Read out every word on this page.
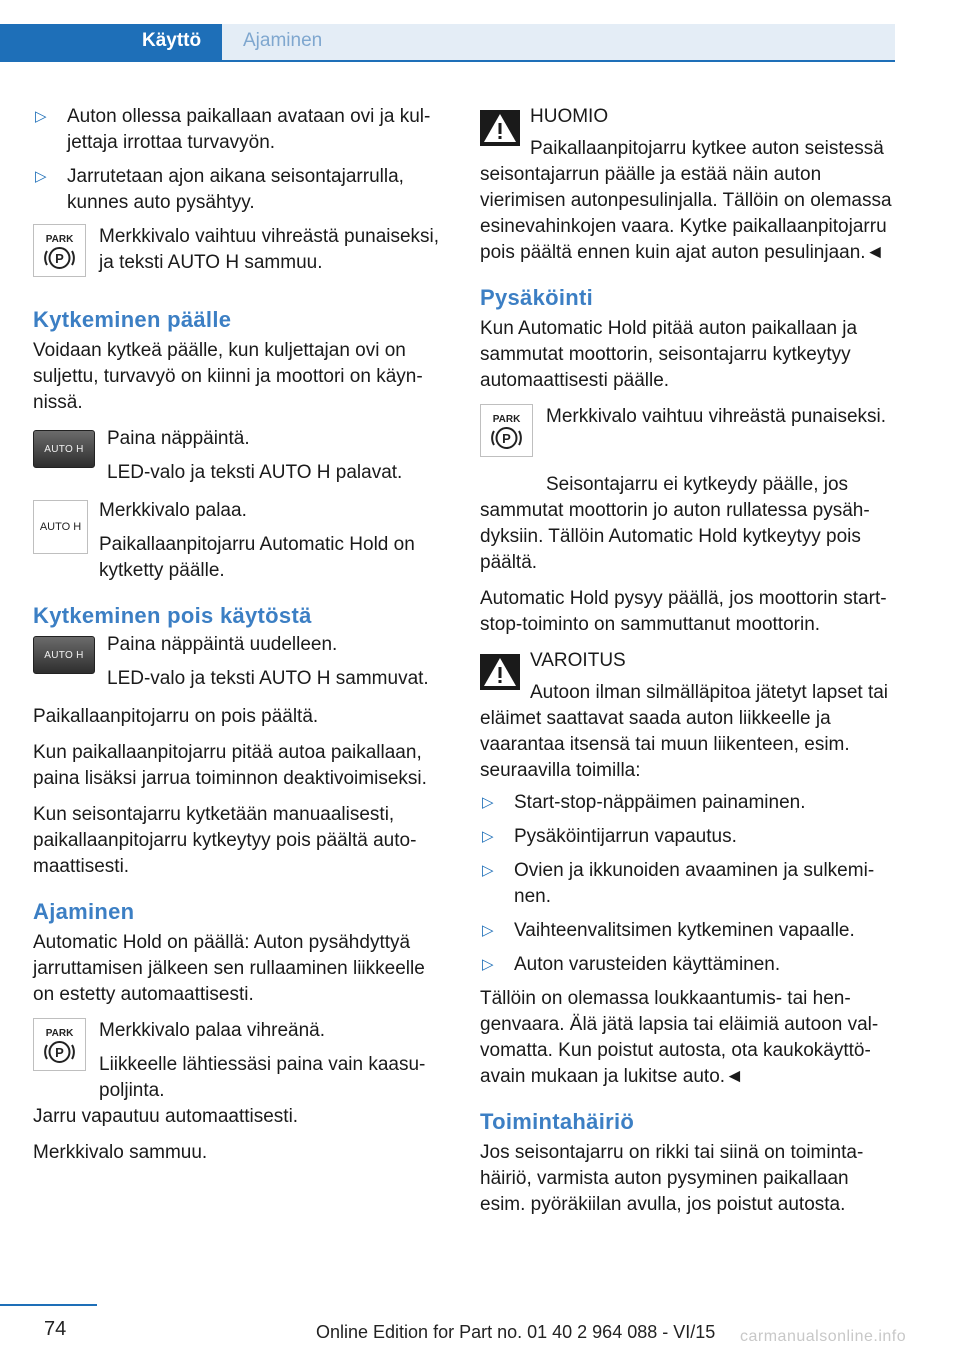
Käyttö	Ajaminen
▷ Auton ollessa paikallaan avataan ovi ja kuljettaja irrottaa turvavyön.
▷ Jarrutetaan ajon aikana seisontajarrulla, kunnes auto pysähtyy.
PARK
P

Merkkivalo vaihtuu vihreästä punaiseksi, ja teksti AUTO H sammuu.

Kytkeminen päälle

Voidaan kytkeä päälle, kun kuljettajan ovi on suljettu, turvavyö on kiinni ja moottori on käynnissä.

AUTO H Paina näppäintä.

LED-valo ja teksti AUTO H palavat.

AUTO H

Merkkivalo palaa.

Paikallaanpitojarru Automatic Hold on kytketty päälle.

Kytkeminen pois käytöstä
AUTO H Paina näppäintä uudelleen.

LED-valo ja teksti AUTO H sammuvat.

Paikallaanpitojarru on pois päältä.

Kun paikallaanpitojarru pitää autoa paikallaan, paina lisäksi jarrua toiminnon deaktivoimiseksi.

Kun seisontajarru kytketään manuaalisesti, paikallaanpitojarru kytkeytyy pois päältä automaattisesti.

Ajaminen

Automatic Hold on päällä: Auton pysähdyttyä jarruttamisen jälkeen sen rullaaminen liikkeelle on estetty automaattisesti.

PARK
P

Merkkivalo palaa vihreänä.

Liikkeelle lähtiessäsi paina vain kaasupoljinta.

Jarru vapautuu automaattisesti.

Merkkivalo sammuu.

HUOMIO

Paikallaanpitojarru kytkee auton seistessä seisontajarrun päälle ja estää näin auton vierimisen autonpesulinjalla. Tällöin on olemassa esinevahinkojen vaara. Kytke paikallaanpitojarru pois päältä ennen kuin ajat auton pesulinjaan.◄

Pysäköinti

Kun Automatic Hold pitää auton paikallaan ja sammutat moottorin, seisontajarru kytkeytyy automaattisesti päälle.

PARK
P

Merkkivalo vaihtuu vihreästä punaiseksi.

Seisontajarru ei kytkeydy päälle, jos sammutat moottorin jo auton rullatessa pysähdyksiin. Tällöin Automatic Hold kytkeytyy pois päältä.

Automatic Hold pysyy päällä, jos moottorin start-stop-toiminto on sammuttanut moottorin.

VAROITUS

Autoon ilman silmälläpitoa jätetyt lapset tai eläimet saattavat saada auton liikkeelle ja vaarantaa itsensä tai muun liikenteen, esim. seuraavilla toimilla:

▷ Start-stop-näppäimen painaminen.
▷ Pysäköintijarrun vapautus.
▷ Ovien ja ikkunoiden avaaminen ja sulkeminen.
▷ Vaihteenvalitsimen kytkeminen vapaalle.
▷ Auton varusteiden käyttäminen.

Tällöin on olemassa loukkaantumis- tai hengenvaara. Älä jätä lapsia tai eläimiä autoon valvomatta. Kun poistut autosta, ota kaukokäyttöavain mukaan ja lukitse auto.◄

Toimintahäiriö

Jos seisontajarru on rikki tai siinä on toimintahäiriö, varmista auton pysyminen paikallaan esim. pyöräkiilan avulla, jos poistut autosta.

74	Online Edition for Part no. 01 40 2 964 088 - VI/15 carmanualsonline.info
